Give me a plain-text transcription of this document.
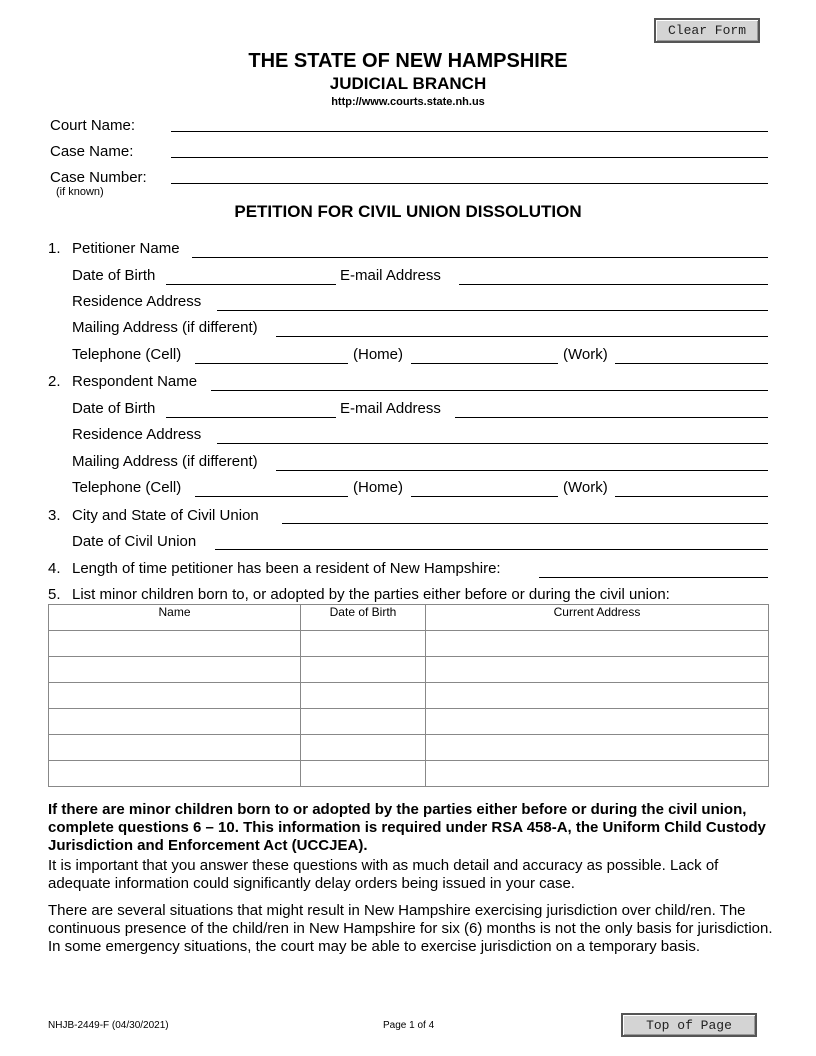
Clear Form
THE STATE OF NEW HAMPSHIRE
JUDICIAL BRANCH
http://www.courts.state.nh.us
Court Name:
Case Name:
Case Number:
(if known)
PETITION FOR CIVIL UNION DISSOLUTION
1. Petitioner Name
Date of Birth	E-mail Address
Residence Address
Mailing Address (if different)
Telephone (Cell)	(Home)	(Work)
2. Respondent Name
Date of Birth	E-mail Address
Residence Address
Mailing Address (if different)
Telephone (Cell)	(Home)	(Work)
3. City and State of Civil Union
Date of Civil Union
4. Length of time petitioner has been a resident of New Hampshire:
5. List minor children born to, or adopted by the parties either before or during the civil union:
Name	Date of Birth	Current Address

If there are minor children born to or adopted by the parties either before or during the civil union, complete questions 6 – 10. This information is required under RSA 458-A, the Uniform Child Custody Jurisdiction and Enforcement Act (UCCJEA).
It is important that you answer these questions with as much detail and accuracy as possible. Lack of adequate information could significantly delay orders being issued in your case.
There are several situations that might result in New Hampshire exercising jurisdiction over child/ren. The continuous presence of the child/ren in New Hampshire for six (6) months is not the only basis for jurisdiction. In some emergency situations, the court may be able to exercise jurisdiction on a temporary basis.
NHJB-2449-F (04/30/2021)	Page 1 of 4	Top of Page
